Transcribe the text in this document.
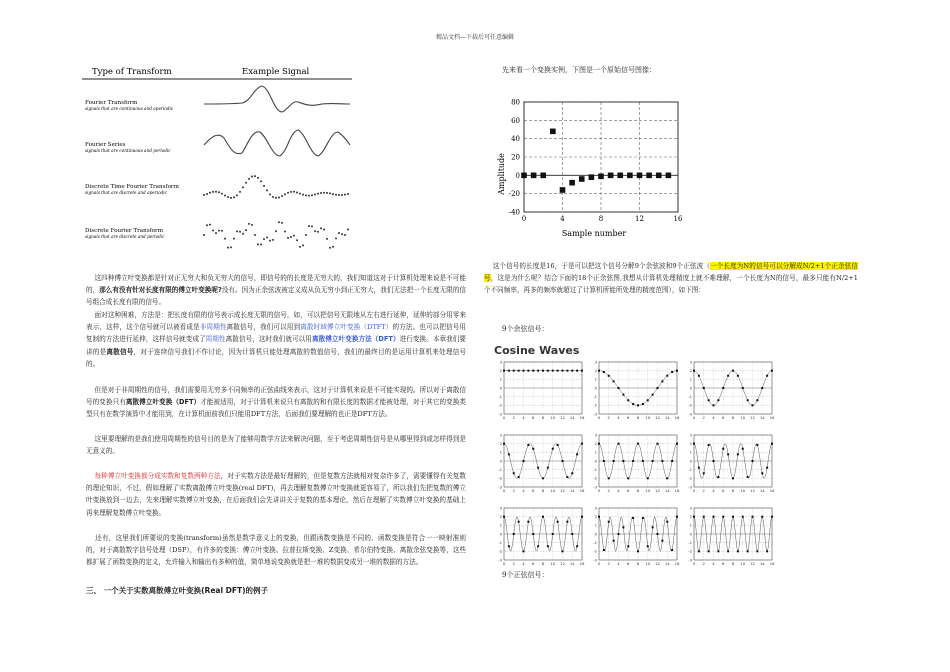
精品文档---下载后可任意编辑
Type of Transform	Example Signal
Fourier Transform
signals that are continuous and aperiodic
Fourier Series
signals that are continuous and periodic
Discrete Time Fourier Transform
signals that are discrete and aperiodic
Discrete Fourier Transform
signals that are discrete and periodic
这四种傅立叶变换都是针对正无穷大和负无穷大的信号，即信号的的长度是无穷大的，我们知道这对于计算机处理来说是不可能的，那么有没有针对长度有限的傅立叶变换呢?没有。因为正余弦波被定义成从负无穷小到正无穷大，我们无法把一个长度无限的信号组合成长度有限的信号。
面对这种困难，方法是：把长度有限的信号表示成长度无限的信号，如，可以把信号无限地从左右进行延伸，延伸的部分用零来表示，这样，这个信号就可以被看成是非周期性离散信号，我们可以用到离散时域傅立叶变换（DTFT）的方法。也可以把信号用复制的方法进行延伸，这样信号就变成了周期性离散信号，这时我们就可以用离散傅立叶变换方法（DFT）进行变换。本章我们要讲的是离散信号，对于连续信号我们不作讨论，因为计算机只能处理离散的数值信号，我们的最终目的是运用计算机来处理信号的。
但是对于非周期性的信号，我们需要用无穷多不同频率的正弦曲线来表示，这对于计算机来说是不可能实现的。所以对于离散信号的变换只有离散傅立叶变换（DFT）才能被适用，对于计算机来说只有离散的和有限长度的数据才能被处理，对于其它的变换类型只有在数学演算中才能用到，在计算机面前我们只能用DFT方法，后面我们要理解的也正是DFT方法。
这里要理解的是我们使用周期性的信号目的是为了能够用数学方法来解决问题，至于考虑周期性信号是从哪里得到或怎样得到是无意义的。
每种傅立叶变换都分成实数和复数两种方法，对于实数方法是最好理解的，但是复数方法就相对复杂许多了，需要懂得有关复数的理论知识，不过，假如理解了实数离散傅立叶变换(real DFT)，再去理解复数傅立叶变换就更容易了，所以我们先把复数的傅立叶变换放到一边去，先来理解实数傅立叶变换，在后面我们会先讲讲关于复数的基本理论，然后在理解了实数傅立叶变换的基础上再来理解复数傅立叶变换。
还有，这里我们所要说的变换(transform)虽然是数学意义上的变换，但跟函数变换是不同的，函数变换是符合一一映射准则的，对于离散数字信号处理（DSP），有许多的变换：傅立叶变换、拉普拉斯变换、Z变换、希尔伯特变换、离散余弦变换等，这些都扩展了函数变换的定义，允许输入和输出有多种的值，简单地说变换就是把一堆的数据变成另一堆的数据的方法。
三、 一个关于实数离散傅立叶变换(Real DFT)的例子
先来看一个变换实例，下图是一个原始信号图像：
Amplitude
Sample number
-40
-20
0
20
40
60
80
0	4	8	12	16
这个信号的长度是16，于是可以把这个信号分解9个余弦波和9个正弦波（一个长度为N的信号可以分解成N/2+1个正余弦信号，这是为什么呢？结合下面的18个正余弦图,我想从计算机处理精度上就不难理解，一个长度为N的信号，最多只能有N/2+1个不同频率，再多的频率就超过了计算机所能所处理的精度范围），如下图：
9个余弦信号：
Cosine Waves
3
2
1
0
-1
-2
-3
0 2 4 6 8 10 12 14 16
3
2
1
0
-1
-2
-3
0 2 4 6 8 10 12 14 16
3
2
1
0
-1
-2
-3
0 2 4 6 8 10 12 14 16
3
2
1
0
-1
-2
-3
0 2 4 6 8 10 12 14 16
3
2
1
0
-1
-2
-3
0 2 4 6 8 10 12 14 16
3
2
1
0
-1
-2
-3
0 2 4 6 8 10 12 14 16
3
2
1
0
-1
-2
-3
0 2 4 6 8 10 12 14 16
3
2
1
0
-1
-2
-3
0 2 4 6 8 10 12 14 16
3
2
1
0
-1
-2
-3
0 2 4 6 8 10 12 14 16
9个正弦信号：
